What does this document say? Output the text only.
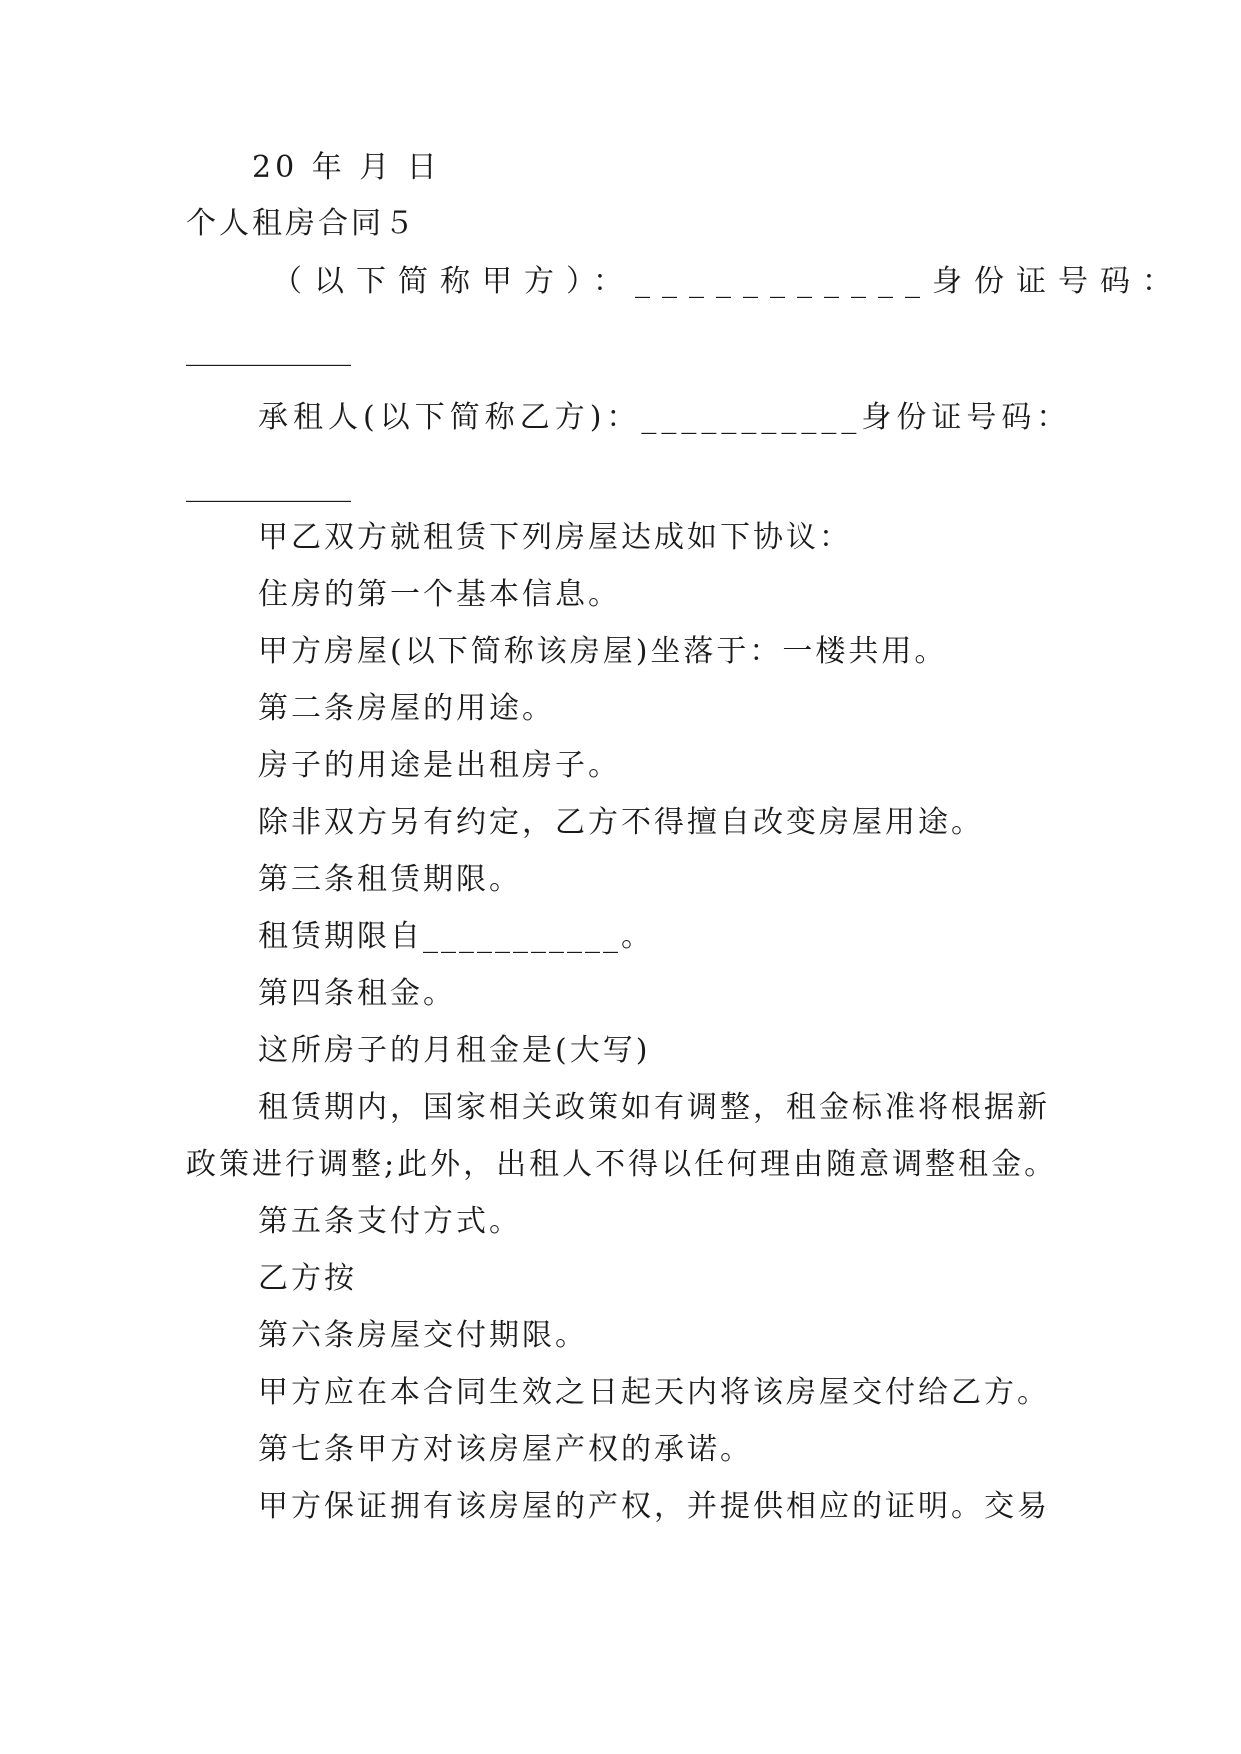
20 年 月 日
个人租房合同５
（以下简称甲方）：___________身份证号码：
___________
承租人(以下简称乙方)：___________身份证号码：
___________
甲乙双方就租赁下列房屋达成如下协议：
住房的第一个基本信息。
甲方房屋(以下简称该房屋)坐落于：一楼共用。
第二条房屋的用途。
房子的用途是出租房子。
除非双方另有约定，乙方不得擅自改变房屋用途。
第三条租赁期限。
租赁期限自___________。
第四条租金。
这所房子的月租金是(大写)
租赁期内，国家相关政策如有调整，租金标准将根据新
政策进行调整;此外，出租人不得以任何理由随意调整租金。
第五条支付方式。
乙方按
第六条房屋交付期限。
甲方应在本合同生效之日起天内将该房屋交付给乙方。
第七条甲方对该房屋产权的承诺。
甲方保证拥有该房屋的产权，并提供相应的证明。交易
